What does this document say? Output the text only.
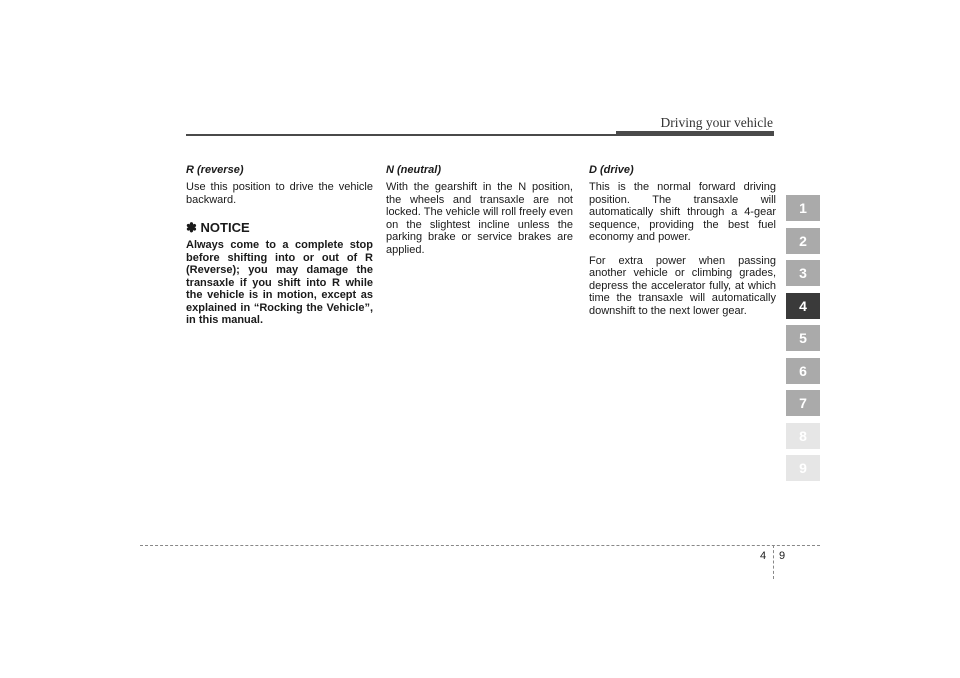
Driving your vehicle
R (reverse)

Use this position to drive the vehicle backward.

✽ NOTICE

Always come to a complete stop before shifting into or out of R (Reverse); you may damage the transaxle if you shift into R while the vehicle is in motion, except as explained in “Rocking the Vehicle”, in this manual.

N (neutral)

With the gearshift in the N position, the wheels and transaxle are not locked. The vehicle will roll freely even on the slightest incline unless the parking brake or service brakes are applied.

D (drive)

This is the normal forward driving position. The transaxle will automatically shift through a 4-gear sequence, providing the best fuel economy and power.

For extra power when passing another vehicle or climbing grades, depress the accelerator fully, at which time the transaxle will automatically downshift to the next lower gear.

1
2
3
4
5
6
7
8
9
4 9
